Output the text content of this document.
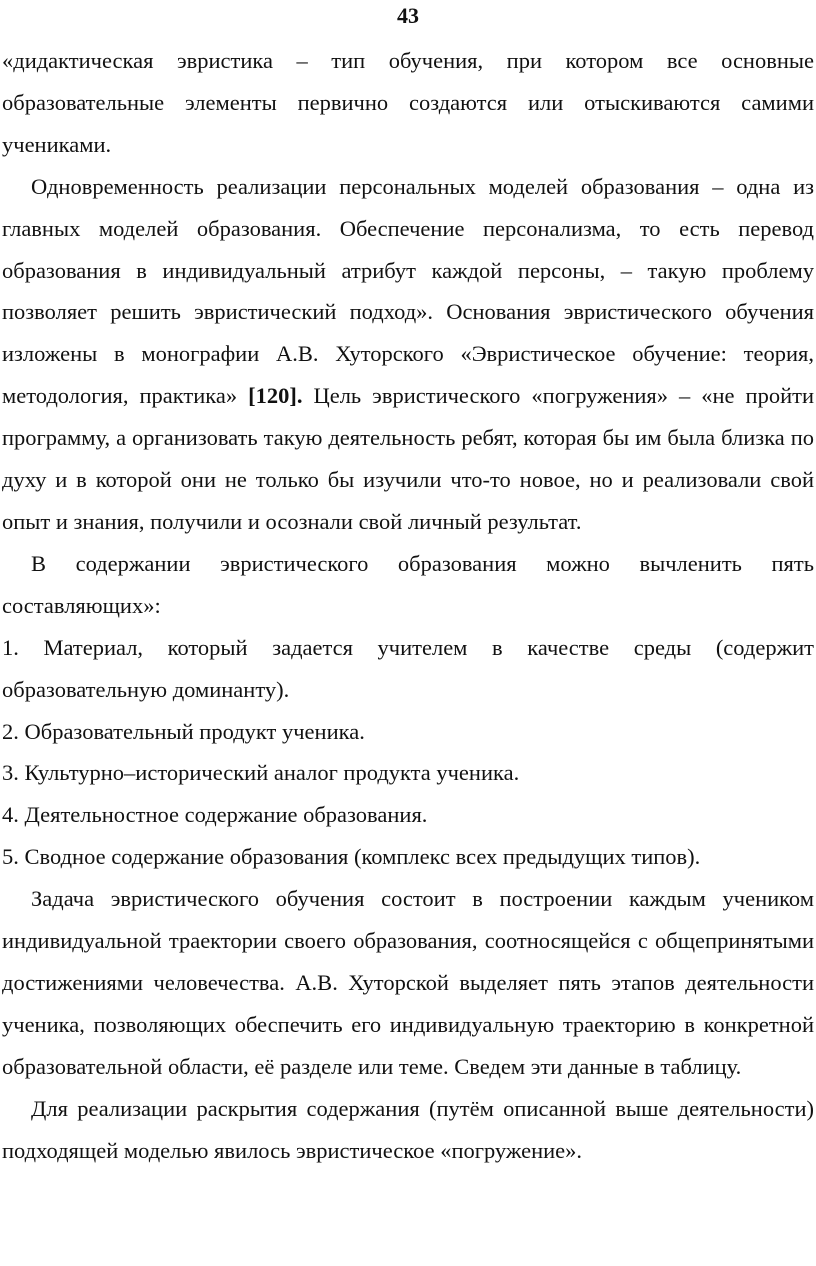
43

«дидактическая эвристика – тип обучения, при котором все основные образовательные элементы первично создаются или отыскиваются самими учениками.

Одновременность реализации персональных моделей образования – одна из главных моделей образования. Обеспечение персонализма, то есть перевод образования в индивидуальный атрибут каждой персоны, – такую проблему позволяет решить эвристический подход». Основания эвристического обучения изложены в монографии А.В. Хуторского «Эвристическое обучение: теория, методология, практика» [120]. Цель эвристического «погружения» – «не пройти программу, а организовать такую деятельность ребят, которая бы им была близка по духу и в которой они не только бы изучили что-то новое, но и реализовали свой опыт и знания, получили и осознали свой личный результат.

В содержании эвристического образования можно вычленить пять составляющих»:

1. Материал, который задается учителем в качестве среды (содержит образовательную доминанту).

2. Образовательный продукт ученика.

3. Культурно–исторический аналог продукта ученика.

4. Деятельностное содержание образования.

5. Сводное содержание образования (комплекс всех предыдущих типов).

Задача эвристического обучения состоит в построении каждым учеником индивидуальной траектории своего образования, соотносящейся с общепринятыми достижениями человечества. А.В. Хуторской выделяет пять этапов деятельности ученика, позволяющих обеспечить его индивидуальную траекторию в конкретной образовательной области, её разделе или теме. Сведем эти данные в таблицу.

Для реализации раскрытия содержания (путём описанной выше деятельности) подходящей моделью явилось эвристическое «погружение».
